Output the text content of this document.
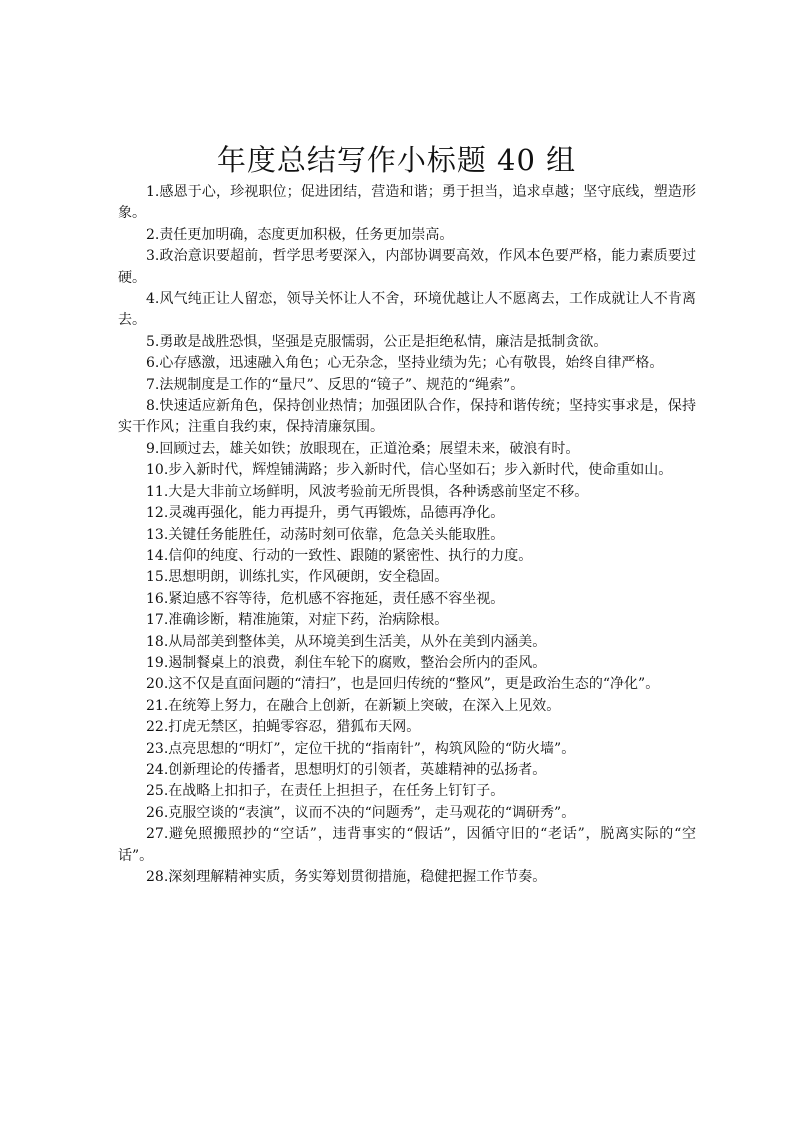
年度总结写作小标题 40 组

1.感恩于心，珍视职位；促进团结，营造和谐；勇于担当，追求卓越；坚守底线，塑造形象。

2.责任更加明确，态度更加积极，任务更加崇高。

3.政治意识要超前，哲学思考要深入，内部协调要高效，作风本色要严格，能力素质要过硬。

4.风气纯正让人留恋，领导关怀让人不舍，环境优越让人不愿离去，工作成就让人不肯离去。

5.勇敢是战胜恐惧，坚强是克服懦弱，公正是拒绝私情，廉洁是抵制贪欲。

6.心存感激，迅速融入角色；心无杂念，坚持业绩为先；心有敬畏，始终自律严格。

7.法规制度是工作的“量尺”、反思的“镜子”、规范的“绳索”。

8.快速适应新角色，保持创业热情；加强团队合作，保持和谐传统；坚持实事求是，保持实干作风；注重自我约束，保持清廉氛围。

9.回顾过去，雄关如铁；放眼现在，正道沧桑；展望未来，破浪有时。

10.步入新时代，辉煌铺满路；步入新时代，信心坚如石；步入新时代，使命重如山。

11.大是大非前立场鲜明，风波考验前无所畏惧，各种诱惑前坚定不移。

12.灵魂再强化，能力再提升，勇气再锻炼，品德再净化。

13.关键任务能胜任，动荡时刻可依靠，危急关头能取胜。

14.信仰的纯度、行动的一致性、跟随的紧密性、执行的力度。

15.思想明朗，训练扎实，作风硬朗，安全稳固。

16.紧迫感不容等待，危机感不容拖延，责任感不容坐视。

17.准确诊断，精准施策，对症下药，治病除根。

18.从局部美到整体美，从环境美到生活美，从外在美到内涵美。

19.遏制餐桌上的浪费，刹住车轮下的腐败，整治会所内的歪风。

20.这不仅是直面问题的“清扫”，也是回归传统的“整风”，更是政治生态的“净化”。

21.在统筹上努力，在融合上创新，在新颖上突破，在深入上见效。

22.打虎无禁区，拍蝇零容忍，猎狐布天网。

23.点亮思想的“明灯”，定位干扰的“指南针”，构筑风险的“防火墙”。

24.创新理论的传播者，思想明灯的引领者，英雄精神的弘扬者。

25.在战略上扣扣子，在责任上担担子，在任务上钉钉子。

26.克服空谈的“表演”，议而不决的“问题秀”，走马观花的“调研秀”。

27.避免照搬照抄的“空话”，违背事实的“假话”，因循守旧的“老话”，脱离实际的“空话”。

28.深刻理解精神实质，务实筹划贯彻措施，稳健把握工作节奏。
